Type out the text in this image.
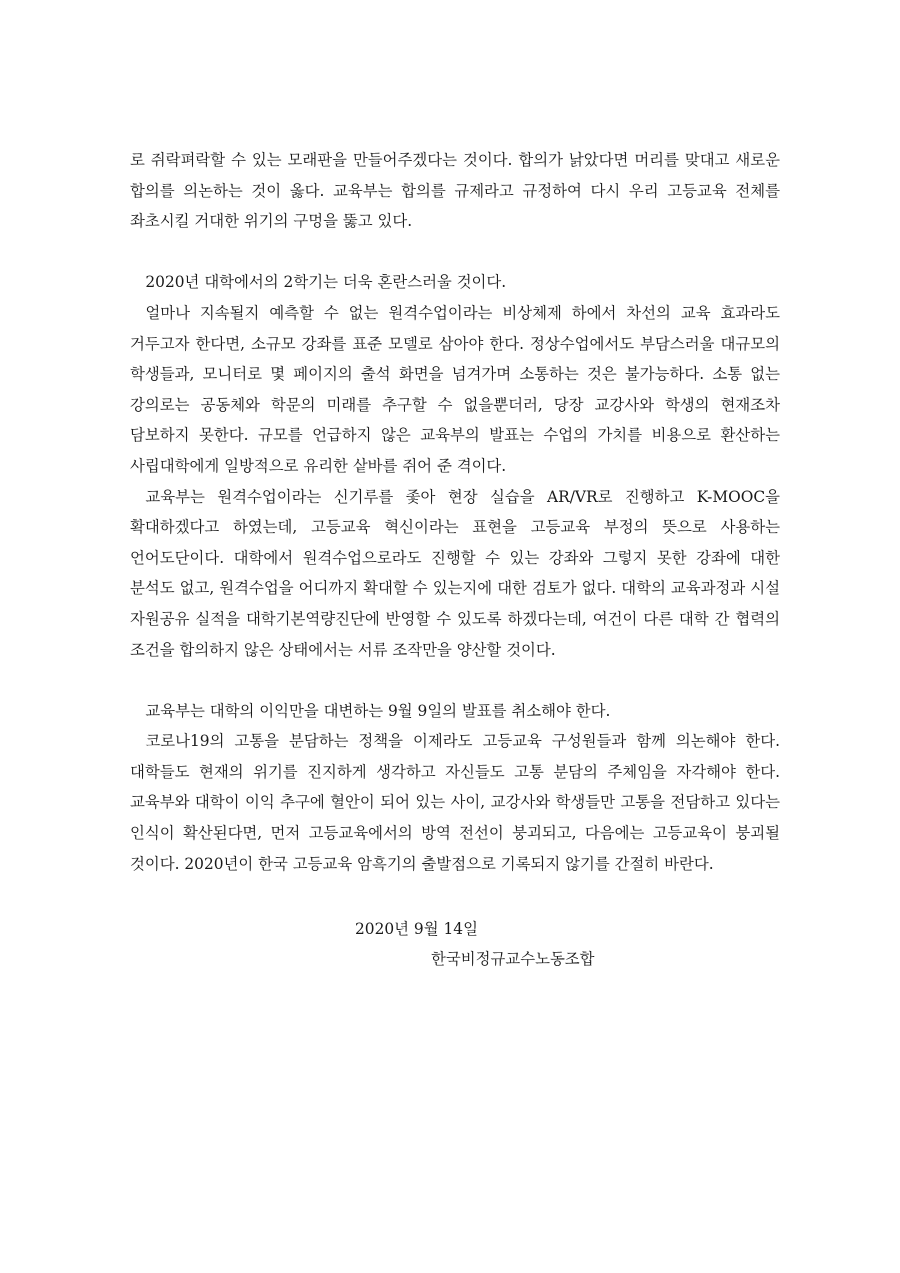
로 쥐락펴락할 수 있는 모래판을 만들어주겠다는 것이다. 합의가 낡았다면 머리를 맞대고 새로운 합의를 의논하는 것이 옳다. 교육부는 합의를 규제라고 규정하여 다시 우리 고등교육 전체를 좌초시킬 거대한 위기의 구멍을 뚫고 있다.

2020년 대학에서의 2학기는 더욱 혼란스러울 것이다.

얼마나 지속될지 예측할 수 없는 원격수업이라는 비상체제 하에서 차선의 교육 효과라도 거두고자 한다면, 소규모 강좌를 표준 모델로 삼아야 한다. 정상수업에서도 부담스러울 대규모의 학생들과, 모니터로 몇 페이지의 출석 화면을 넘겨가며 소통하는 것은 불가능하다. 소통 없는 강의로는 공동체와 학문의 미래를 추구할 수 없을뿐더러, 당장 교강사와 학생의 현재조차 담보하지 못한다. 규모를 언급하지 않은 교육부의 발표는 수업의 가치를 비용으로 환산하는 사립대학에게 일방적으로 유리한 샅바를 쥐어 준 격이다.

교육부는 원격수업이라는 신기루를 좇아 현장 실습을 AR/VR로 진행하고 K-MOOC을 확대하겠다고 하였는데, 고등교육 혁신이라는 표현을 고등교육 부정의 뜻으로 사용하는 언어도단이다. 대학에서 원격수업으로라도 진행할 수 있는 강좌와 그렇지 못한 강좌에 대한 분석도 없고, 원격수업을 어디까지 확대할 수 있는지에 대한 검토가 없다. 대학의 교육과정과 시설 자원공유 실적을 대학기본역량진단에 반영할 수 있도록 하겠다는데, 여건이 다른 대학 간 협력의 조건을 합의하지 않은 상태에서는 서류 조작만을 양산할 것이다.

교육부는 대학의 이익만을 대변하는 9월 9일의 발표를 취소해야 한다.

코로나19의 고통을 분담하는 정책을 이제라도 고등교육 구성원들과 함께 의논해야 한다. 대학들도 현재의 위기를 진지하게 생각하고 자신들도 고통 분담의 주체임을 자각해야 한다. 교육부와 대학이 이익 추구에 혈안이 되어 있는 사이, 교강사와 학생들만 고통을 전담하고 있다는 인식이 확산된다면, 먼저 고등교육에서의 방역 전선이 붕괴되고, 다음에는 고등교육이 붕괴될 것이다. 2020년이 한국 고등교육 암흑기의 출발점으로 기록되지 않기를 간절히 바란다.

2020년 9월 14일
한국비정규교수노동조합
